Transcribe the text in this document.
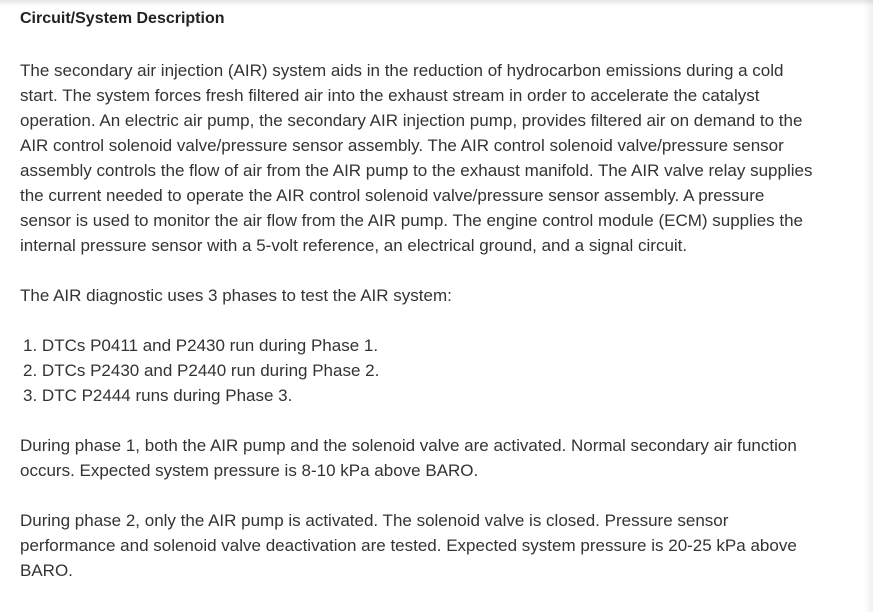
Circuit/System Description

The secondary air injection (AIR) system aids in the reduction of hydrocarbon emissions during a cold start. The system forces fresh filtered air into the exhaust stream in order to accelerate the catalyst operation. An electric air pump, the secondary AIR injection pump, provides filtered air on demand to the AIR control solenoid valve/pressure sensor assembly. The AIR control solenoid valve/pressure sensor assembly controls the flow of air from the AIR pump to the exhaust manifold. The AIR valve relay supplies the current needed to operate the AIR control solenoid valve/pressure sensor assembly. A pressure sensor is used to monitor the air flow from the AIR pump. The engine control module (ECM) supplies the internal pressure sensor with a 5-volt reference, an electrical ground, and a signal circuit.

The AIR diagnostic uses 3 phases to test the AIR system:

1. DTCs P0411 and P2430 run during Phase 1.
2. DTCs P2430 and P2440 run during Phase 2.
3. DTC P2444 runs during Phase 3.

During phase 1, both the AIR pump and the solenoid valve are activated. Normal secondary air function occurs. Expected system pressure is 8-10 kPa above BARO.

During phase 2, only the AIR pump is activated. The solenoid valve is closed. Pressure sensor performance and solenoid valve deactivation are tested. Expected system pressure is 20-25 kPa above BARO.
